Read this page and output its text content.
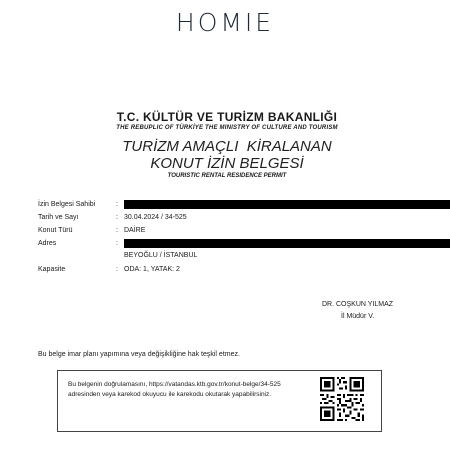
HOMIE
T.C. KÜLTÜR VE TURİZM BAKANLIĞI
THE REBUPLIC OF TÜRKİYE THE MINISTRY OF CULTURE AND TOURISM
TURİZM AMAÇLI  KİRALANAN
KONUT İZİN BELGESİ
TOURISTIC RENTAL RESIDENCE PERMIT
İzin Belgesi Sahibi	:
Tarih ve Sayı	: 30.04.2024 / 34-525
Konut Türü	: DAİRE
Adres	:
BEYOĞLU / İSTANBUL
Kapasite	: ODA: 1, YATAK: 2
DR. COŞKUN YILMAZ
İl Müdür V.
Bu belge imar planı yapımına veya değişikliğine hak teşkil etmez.
Bu belgenin doğrulamasını, https://vatandas.ktb.gov.tr/konut-belge/34-525
adresinden veya karekod okuyucu ile karekodu okutarak yapabilirsiniz.
